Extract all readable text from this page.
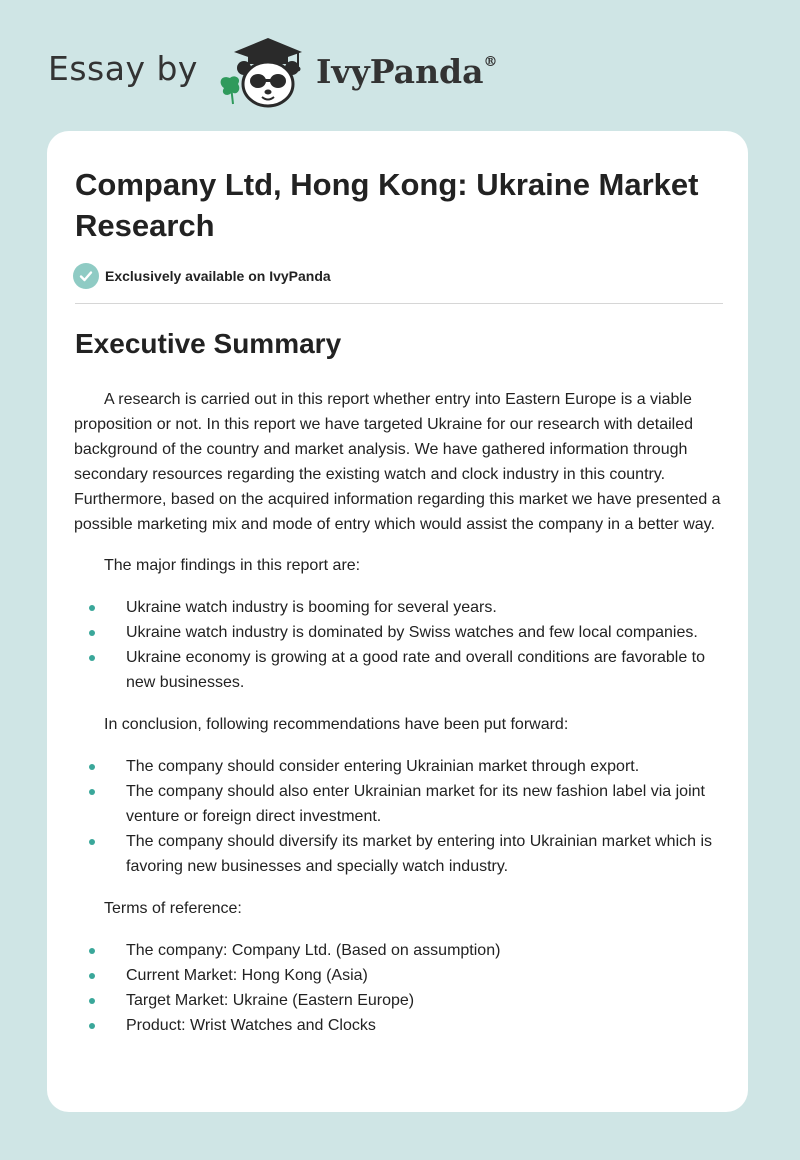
Essay by	IvyPanda®
Company Ltd, Hong Kong: Ukraine Market Research
Exclusively available on IvyPanda
Executive Summary

A research is carried out in this report whether entry into Eastern Europe is a viable proposition or not. In this report we have targeted Ukraine for our research with detailed background of the country and market analysis. We have gathered information through secondary resources regarding the existing watch and clock industry in this country. Furthermore, based on the acquired information regarding this market we have presented a possible marketing mix and mode of entry which would assist the company in a better way.

The major findings in this report are:

Ukraine watch industry is booming for several years.
Ukraine watch industry is dominated by Swiss watches and few local companies.
Ukraine economy is growing at a good rate and overall conditions are favorable to new businesses.

In conclusion, following recommendations have been put forward:

The company should consider entering Ukrainian market through export.
The company should also enter Ukrainian market for its new fashion label via joint venture or foreign direct investment.
The company should diversify its market by entering into Ukrainian market which is favoring new businesses and specially watch industry.

Terms of reference:

The company: Company Ltd. (Based on assumption)
Current Market: Hong Kong (Asia)
Target Market: Ukraine (Eastern Europe)
Product: Wrist Watches and Clocks
